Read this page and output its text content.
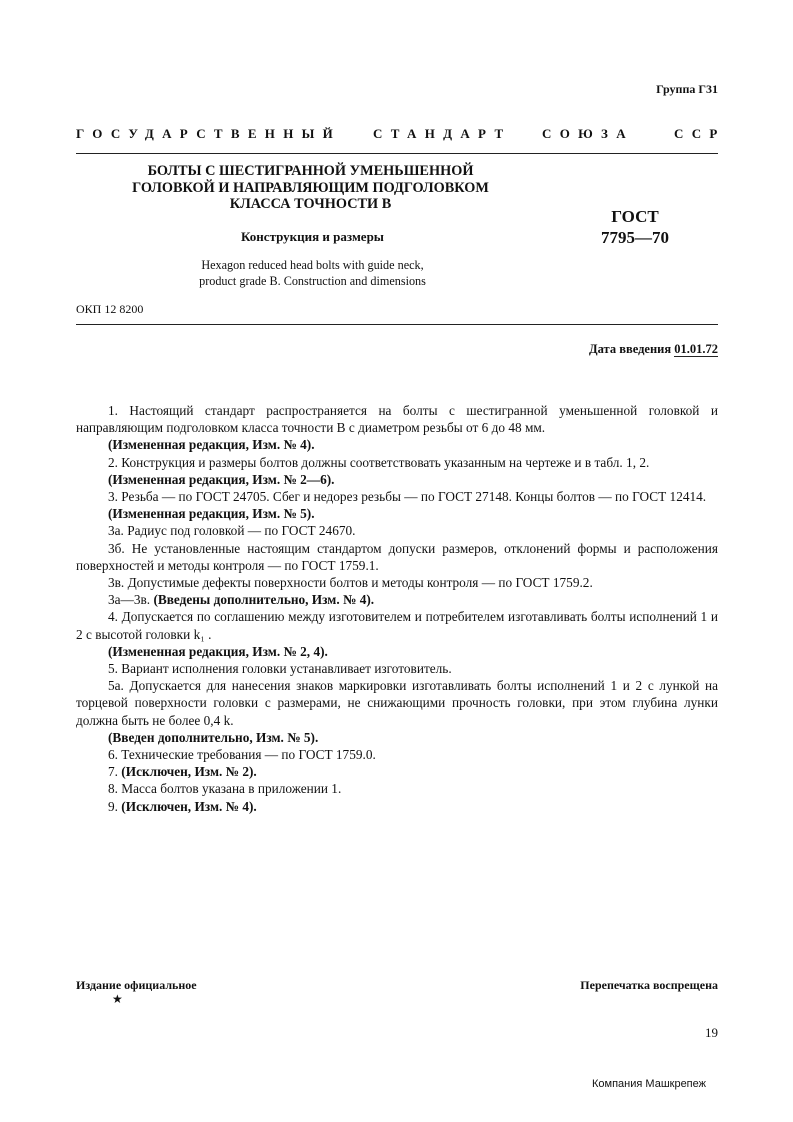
Группа Г31
ГОСУДАРСТВЕННЫЙ СТАНДАРТ СОЮЗА	ССР
БОЛТЫ С ШЕСТИГРАННОЙ УМЕНЬШЕННОЙ
ГОЛОВКОЙ И НАПРАВЛЯЮЩИМ ПОДГОЛОВКОМ
КЛАССА ТОЧНОСТИ В
Конструкция и размеры
ГОСТ
7795—70
Hexagon reduced head bolts with guide neck,
product grade B. Construction and dimensions
ОКП 12 8200
Дата введения 01.01.72

1. Настоящий стандарт распространяется на болты с шестигранной уменьшенной головкой и направляющим подголовком класса точности В с диаметром резьбы от 6 до 48 мм.

(Измененная редакция, Изм. № 4).

2. Конструкция и размеры болтов должны соответствовать указанным на чертеже и в табл. 1, 2.

(Измененная редакция, Изм. № 2—6).

3. Резьба — по ГОСТ 24705. Сбег и недорез резьбы — по ГОСТ 27148. Концы болтов — по ГОСТ 12414.

(Измененная редакция, Изм. № 5).

3а. Радиус под головкой — по ГОСТ 24670.

3б. Не установленные настоящим стандартом допуски размеров, отклонений формы и расположения поверхностей и методы контроля — по ГОСТ 1759.1.

3в. Допустимые дефекты поверхности болтов и методы контроля — по ГОСТ 1759.2.

3а—3в. (Введены дополнительно, Изм. № 4).

4. Допускается по соглашению между изготовителем и потребителем изготавливать болты исполнений 1 и 2 с высотой головки k₁ .

(Измененная редакция, Изм. № 2, 4).

5. Вариант исполнения головки устанавливает изготовитель.

5а. Допускается для нанесения знаков маркировки изготавливать болты исполнений 1 и 2 с лункой на торцевой поверхности головки с размерами, не снижающими прочность головки, при этом глубина лунки должна быть не более 0,4 k.

(Введен дополнительно, Изм. № 5).

6. Технические требования — по ГОСТ 1759.0.

7. (Исключен, Изм. № 2).

8. Масса болтов указана в приложении 1.

9. (Исключен, Изм. № 4).

Издание официальное	Перепечатка воспрещена
★
19
Компания Машкрепеж
